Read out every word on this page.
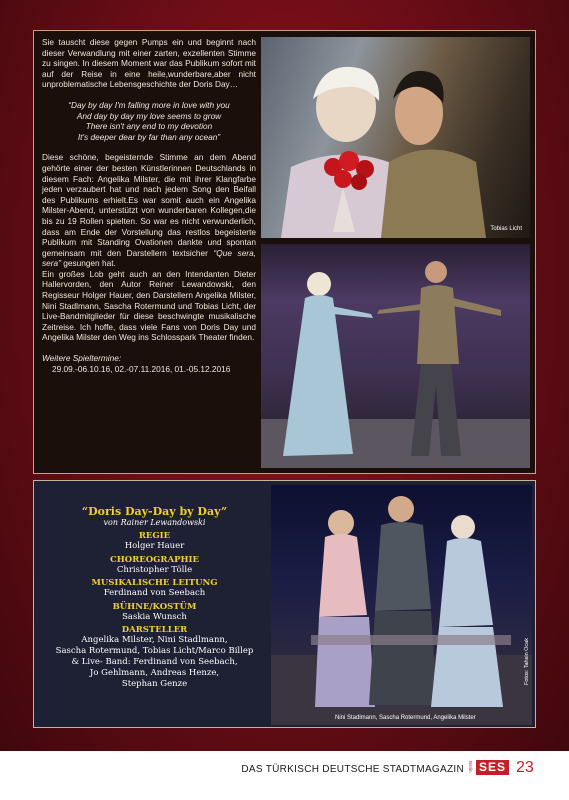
Sie tauscht diese gegen Pumps ein und beginnt nach dieser Verwandlung mit einer zarten, exzellenten Stimme zu singen. In diesem Moment war das Publikum sofort mit auf der Reise in eine heile,wunderbare,aber nicht unproblematische Lebensgeschichte der Doris Day…

“Day by day I'm falling more in love with you
And day by day my love seems to grow
There isn't any end to my devotion
It's deeper dear by far than any ocean”

Diese schöne, begeisternde Stimme an dem Abend gehörte einer der besten Künstlerinnen Deutschlands in diesem Fach: Angelika Milster, die mit ihrer Klangfarbe jeden verzaubert hat und nach jedem Song den Beifall des Publikums erhielt.Es war somit auch ein Angelika Milster-Abend, unterstützt von wunderbaren Kollegen,die bis zu 19 Rollen spielten. So war es nicht verwunderlich, dass am Ende der Vorstellung das restlos begeisterte Publikum mit Standing Ovationen dankte und spontan gemeinsam mit den Darstellern textsicher “Que sera, sera” gesungen hat.

Ein großes Lob geht auch an den Intendanten Dieter Hallervorden, den Autor Reiner Lewandowski, den Regisseur Holger Hauer, den Darstellern Angelika Milster, Nini Stadlmann, Sascha Rotermund und Tobias Licht, der Live-Bandmitglieder für diese beschwingte musikalische Zeitreise. Ich hoffe, dass viele Fans von Doris Day und Angelika Milster den Weg ins Schlosspark Theater finden.

Weitere Spieltermine:
29.09.-06.10.16, 02.-07.11.2016, 01.-05.12.2016
Tobias Licht
“Doris Day-Day by Day”
von Rainer Lewandowski
REGIE
Holger Hauer
CHOREOGRAPHIE
Christopher Tölle
MUSIKALISCHE LEITUNG
Ferdinand von Seebach
BÜHNE/KOSTÜM
Saskia Wunsch
DARSTELLER
Angelika Milster, Nini Stadlmann,
Sascha Rotermund, Tobias Licht/Marco Billep
& Live- Band: Ferdinand von Seebach,
Jo Gehlmann, Andreas Henze,
Stephan Genze
Nini Stadlmann, Sascha Rotermund, Angelika Milster
Fotos: Tahsin Ocak
DAS TÜRKISCH DEUTSCHE STADTMAGAZIN Berlin SES 23
